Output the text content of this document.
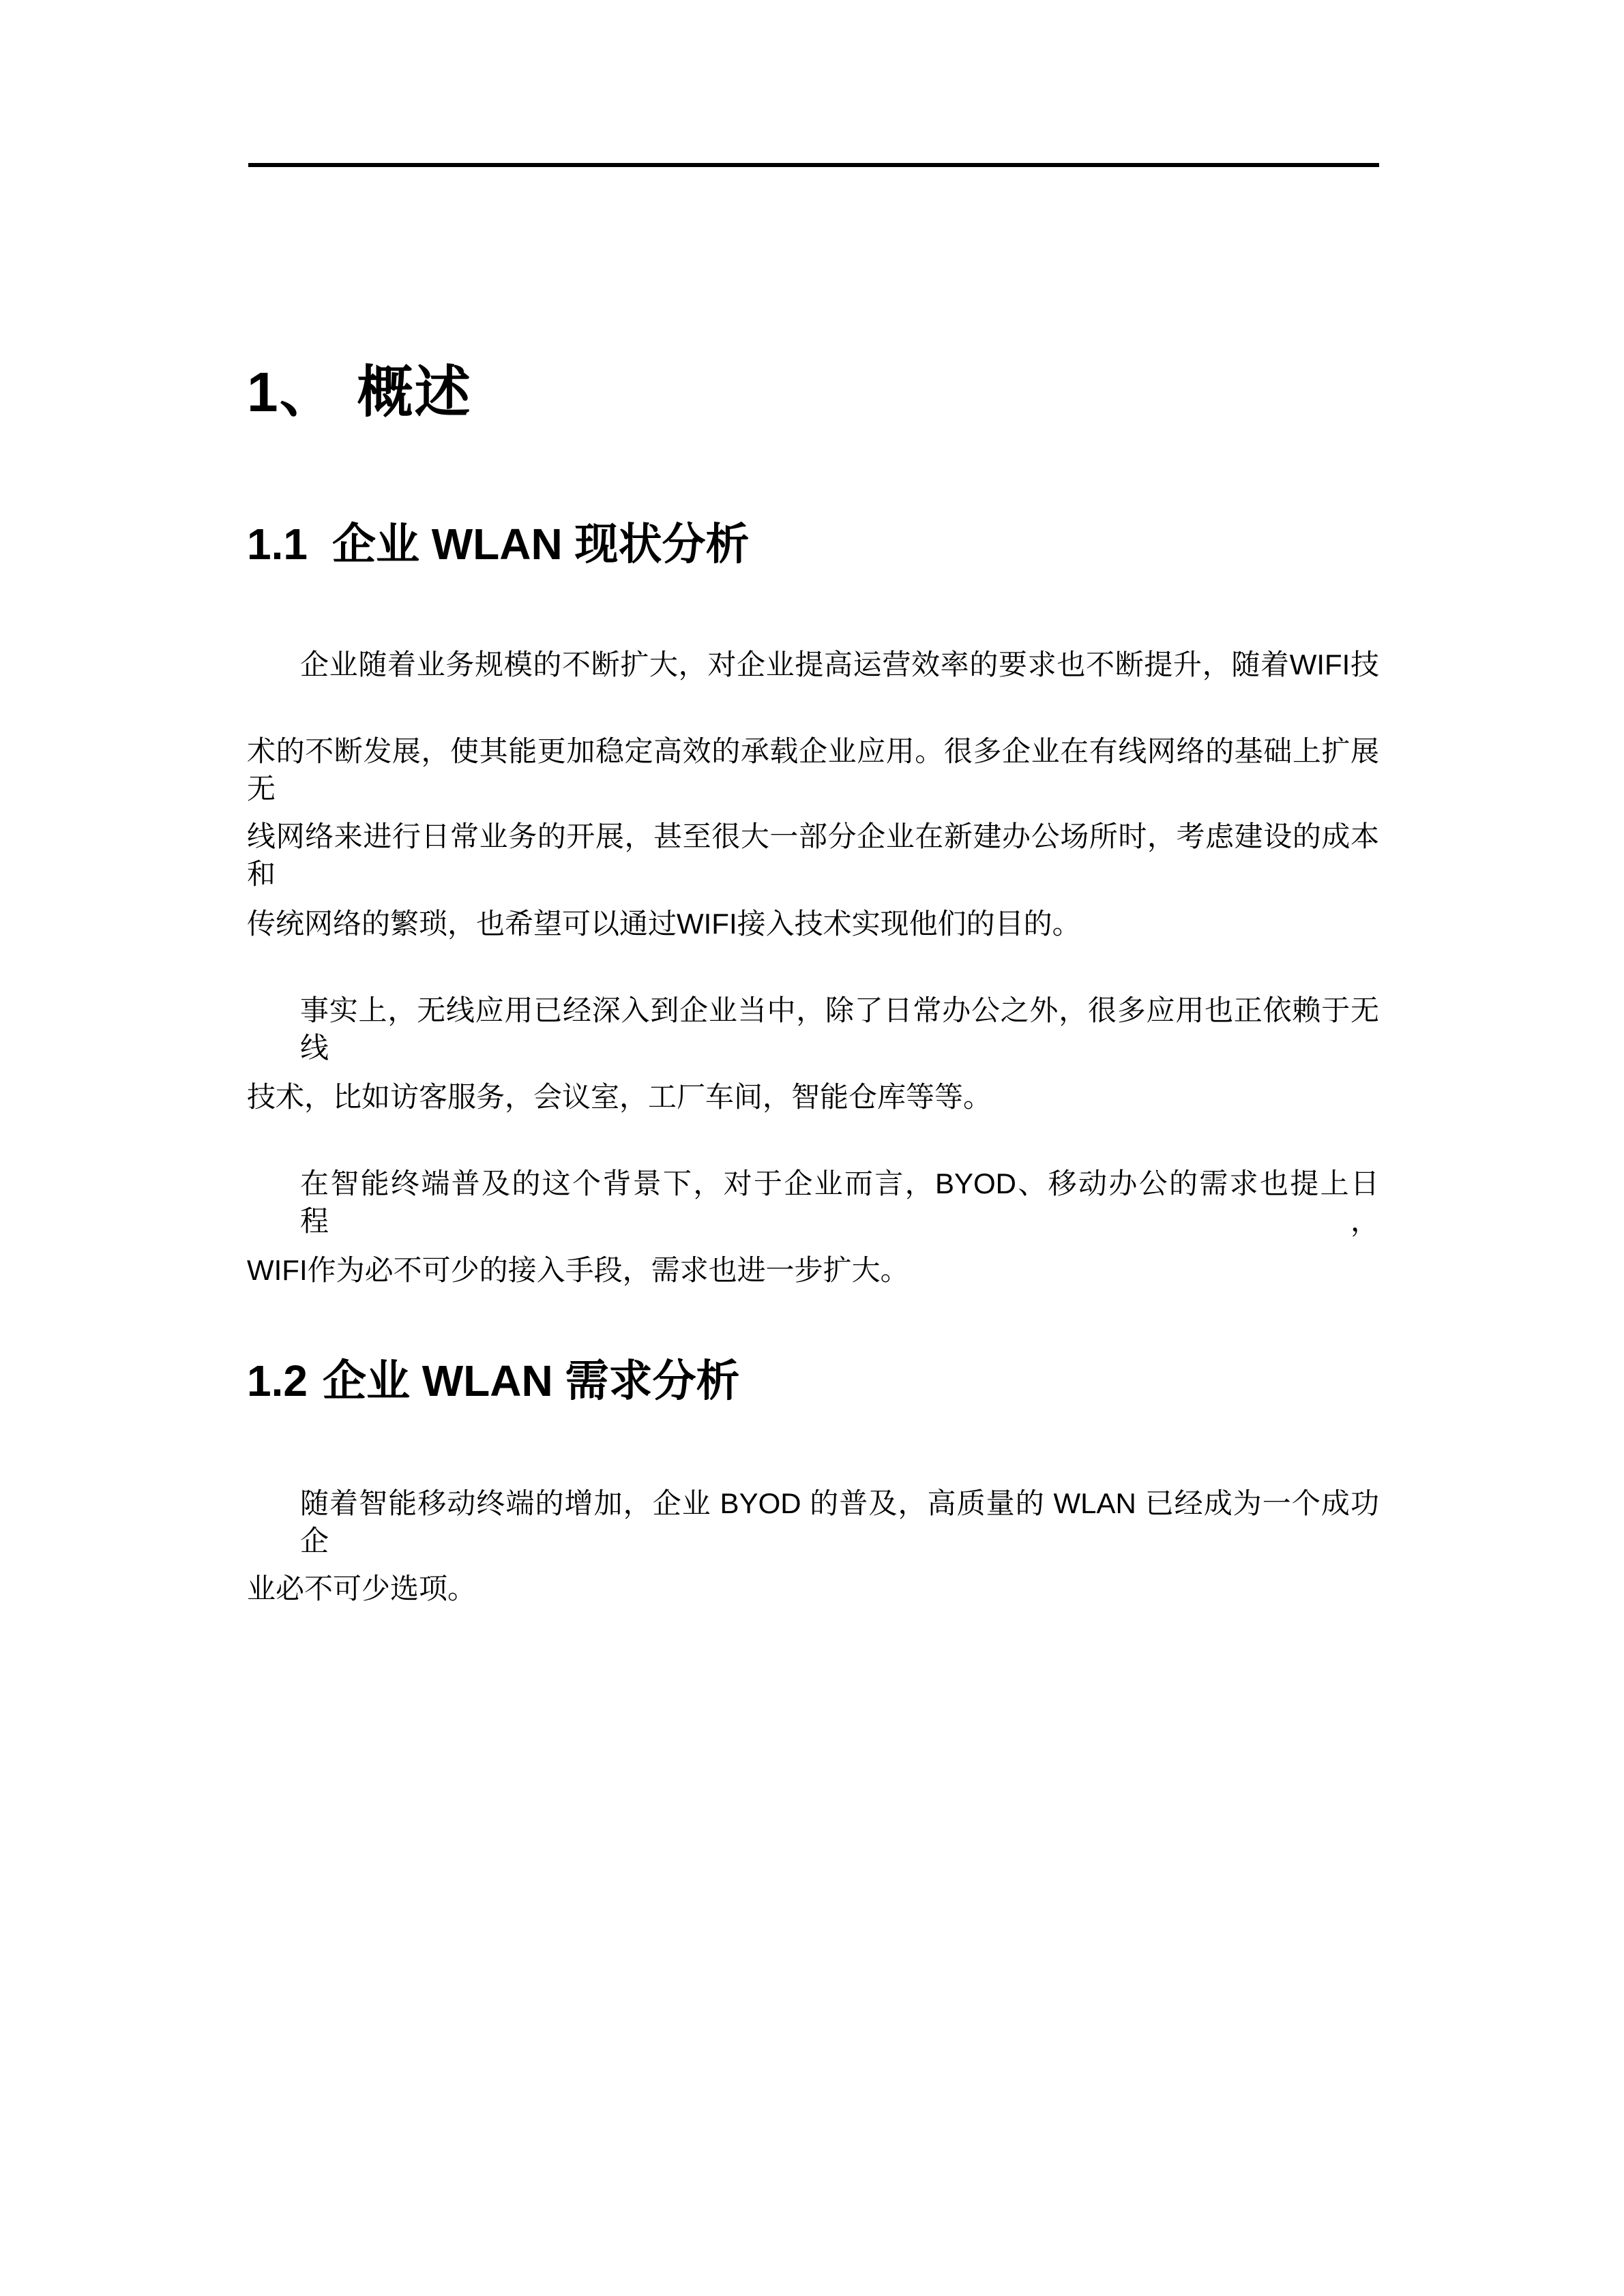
1、 概述
1.1 企业 WLAN 现状分析
企业随着业务规模的不断扩大，对企业提高运营效率的要求也不断提升，随着WIFI技
术的不断发展，使其能更加稳定高效的承载企业应用。很多企业在有线网络的基础上扩展无
线网络来进行日常业务的开展，甚至很大一部分企业在新建办公场所时，考虑建设的成本和
传统网络的繁琐，也希望可以通过WIFI接入技术实现他们的目的。
事实上，无线应用已经深入到企业当中，除了日常办公之外，很多应用也正依赖于无线
技术，比如访客服务，会议室，工厂车间，智能仓库等等。
在智能终端普及的这个背景下，对于企业而言，BYOD、移动办公的需求也提上日程，
WIFI作为必不可少的接入手段，需求也进一步扩大。
1.2 企业 WLAN 需求分析
随着智能移动终端的增加，企业 BYOD 的普及，高质量的 WLAN 已经成为一个成功企
业必不可少选项。
